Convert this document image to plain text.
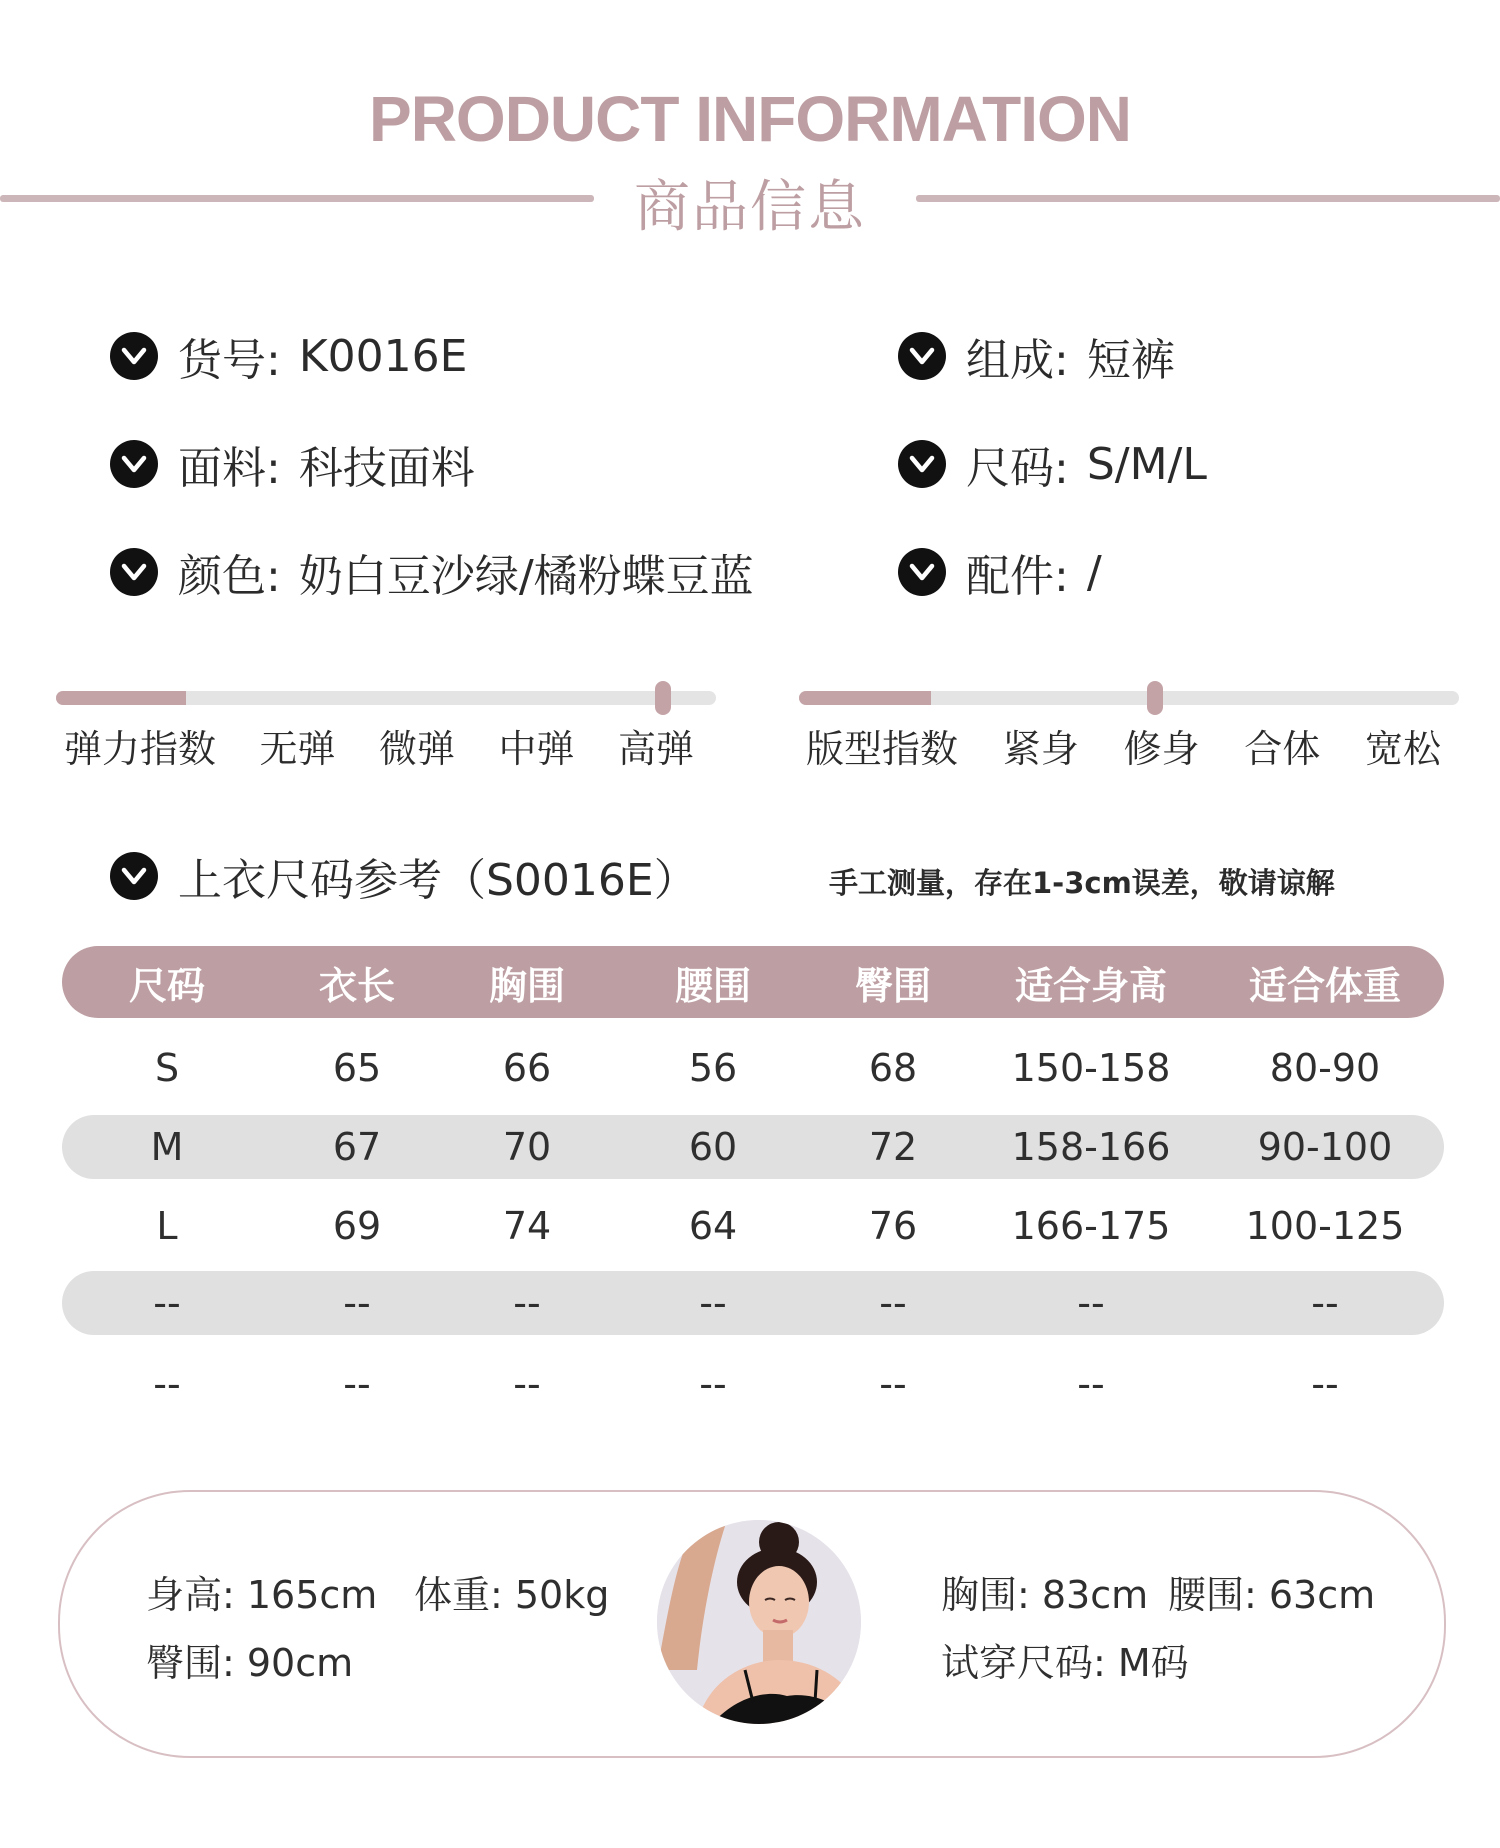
PRODUCT INFORMATION
商品信息
货号: K0016E
面料: 科技面料
颜色: 奶白豆沙绿/橘粉蝶豆蓝
组成: 短裤
尺码: S/M/L
配件: /
弹力指数 无弹 微弹 中弹 高弹	版型指数 紧身 修身 合体 宽松
上衣尺码参考（S0016E）	手工测量，存在1-3cm误差，敬请谅解
尺码	衣长	胸围	腰围	臀围	适合身高	适合体重
S	65	66	56	68	150-158	80-90
M	67	70	60	72	158-166	90-100
L	69	74	64	76	166-175	100-125
--	--	--	--	--	--	--
--	--	--	--	--	--	--
身高: 165cm 体重: 50kg
臀围: 90cm
胸围: 83cm 腰围: 63cm
试穿尺码: M码
